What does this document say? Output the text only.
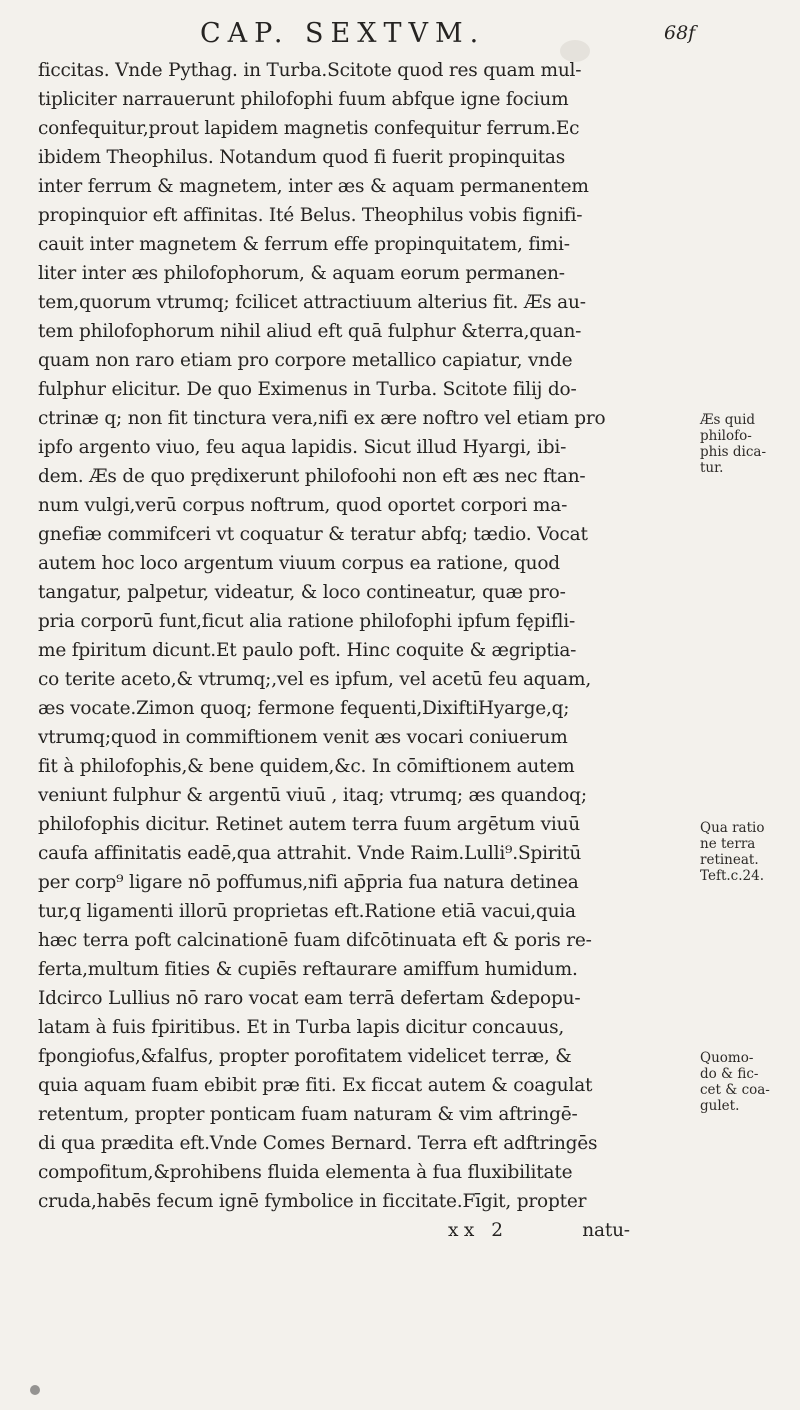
CAP. SEXTVM.	68f
ficcitas. Vnde Pythag. in Turba.Scitote quod res quam mul-
tipliciter narrauerunt philofophi fuum abfque igne focium
confequitur,prout lapidem magnetis confequitur ferrum.Ec
ibidem Theophilus. Notandum quod fi fuerit propinquitas
inter ferrum & magnetem, inter æs & aquam permanentem
propinquior eft affinitas. Ité Belus. Theophilus vobis fignifi-
cauit inter magnetem & ferrum effe propinquitatem, fimi-
liter inter æs philofophorum, & aquam eorum permanen-
tem,quorum vtrumq; fcilicet attractiuum alterius fit. Æs au-
tem philofophorum nihil aliud eft quā fulphur &terra,quan-
quam non raro etiam pro corpore metallico capiatur, vnde
fulphur elicitur. De quo Eximenus in Turba. Scitote filij do-
ctrinæ q; non fit tinctura vera,nifi ex ære noftro vel etiam pro
ipfo argento viuo, feu aqua lapidis. Sicut illud Hyargi, ibi-
dem. Æs de quo prędixerunt philofoohi non eft æs nec ftan-
num vulgi,verū corpus noftrum, quod oportet corpori ma-
gnefiæ commifceri vt coquatur & teratur abfq; tædio. Vocat
autem hoc loco argentum viuum corpus ea ratione, quod
tangatur, palpetur, videatur, & loco contineatur, quæ pro-
pria corporū funt,ficut alia ratione philofophi ipfum fępifli-
me fpiritum dicunt.Et paulo poft. Hinc coquite & ægriptia-
co terite aceto,& vtrumq;,vel es ipfum, vel acetū feu aquam,
æs vocate.Zimon quoq; fermone fequenti,DixiftiHyarge,q;
vtrumq;quod in commiftionem venit æs vocari coniuerum
fit à philofophis,& bene quidem,&c. In cōmiftionem autem
veniunt fulphur & argentū viuū , itaq; vtrumq; æs quandoq;
philofophis dicitur. Retinet autem terra fuum argētum viuū
caufa affinitatis eadē,qua attrahit. Vnde Raim.Lulli⁹.Spiritū
per corp⁹ ligare nō poffumus,nifi ap̄pria fua natura detinea
tur,q ligamenti illorū proprietas eft.Ratione etiā vacui,quia
hæc terra poft calcinationē fuam difcōtinuata eft & poris re-
ferta,multum fities & cupiēs reftaurare amiffum humidum.
Idcirco Lullius nō raro vocat eam terrā defertam &depopu-
latam à fuis fpiritibus. Et in Turba lapis dicitur concauus,
fpongiofus,&falfus, propter porofitatem videlicet terræ, &
quia aquam fuam ebibit præ fiti. Ex ficcat autem & coagulat
retentum, propter ponticam fuam naturam & vim aftringē-
di qua prædita eft.Vnde Comes Bernard. Terra eft adftringēs
compofitum,&prohibens fluida elementa à fua fluxibilitate
cruda,habēs fecum ignē fymbolice in ficcitate.Fīgit, propter
x x   2              natu-
Æs quid
philofo-
phis dica-
tur.
Qua ratio
ne terra
retineat.
Teft.c.24.
Quomo-
do & fic-
cet & coa-
gulet.
